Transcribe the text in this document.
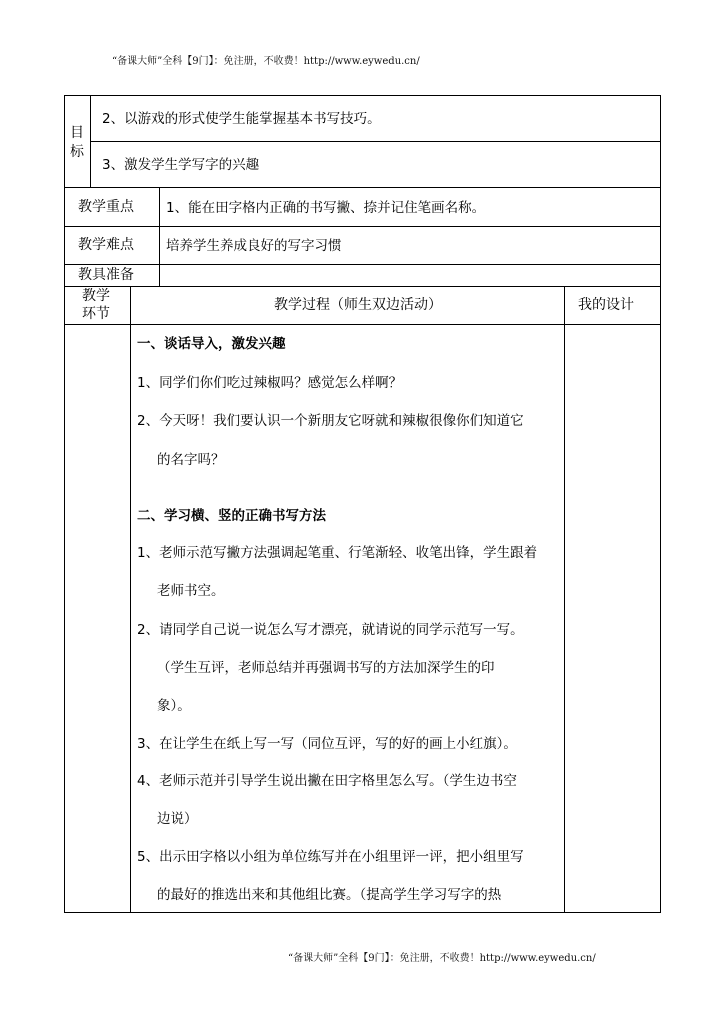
“备课大师”全科【9门】：免注册，不收费！http://www.eywedu.cn/
“备课大师”全科【9门】：免注册，不收费！http://www.eywedu.cn/
目
标
2、以游戏的形式使学生能掌握基本书写技巧。
3、激发学生学写字的兴趣
教学重点 1、能在田字格内正确的书写撇、捺并记住笔画名称。
教学难点 培养学生养成良好的写字习惯
教具准备
教学
环节
教学过程（师生双边活动）	我的设计
一、谈话导入，激发兴趣
1、同学们你们吃过辣椒吗？感觉怎么样啊？
2、今天呀！我们要认识一个新朋友它呀就和辣椒很像你们知道它
的名字吗？
二、学习横、竖的正确书写方法
1、老师示范写撇方法强调起笔重、行笔渐轻、收笔出锋，学生跟着
老师书空。
2、请同学自己说一说怎么写才漂亮，就请说的同学示范写一写。
（学生互评，老师总结并再强调书写的方法加深学生的印
象）。
3、在让学生在纸上写一写（同位互评，写的好的画上小红旗）。
4、老师示范并引导学生说出撇在田字格里怎么写。（学生边书空
边说）
5、出示田字格以小组为单位练写并在小组里评一评，把小组里写
的最好的推选出来和其他组比赛。（提高学生学习写字的热
